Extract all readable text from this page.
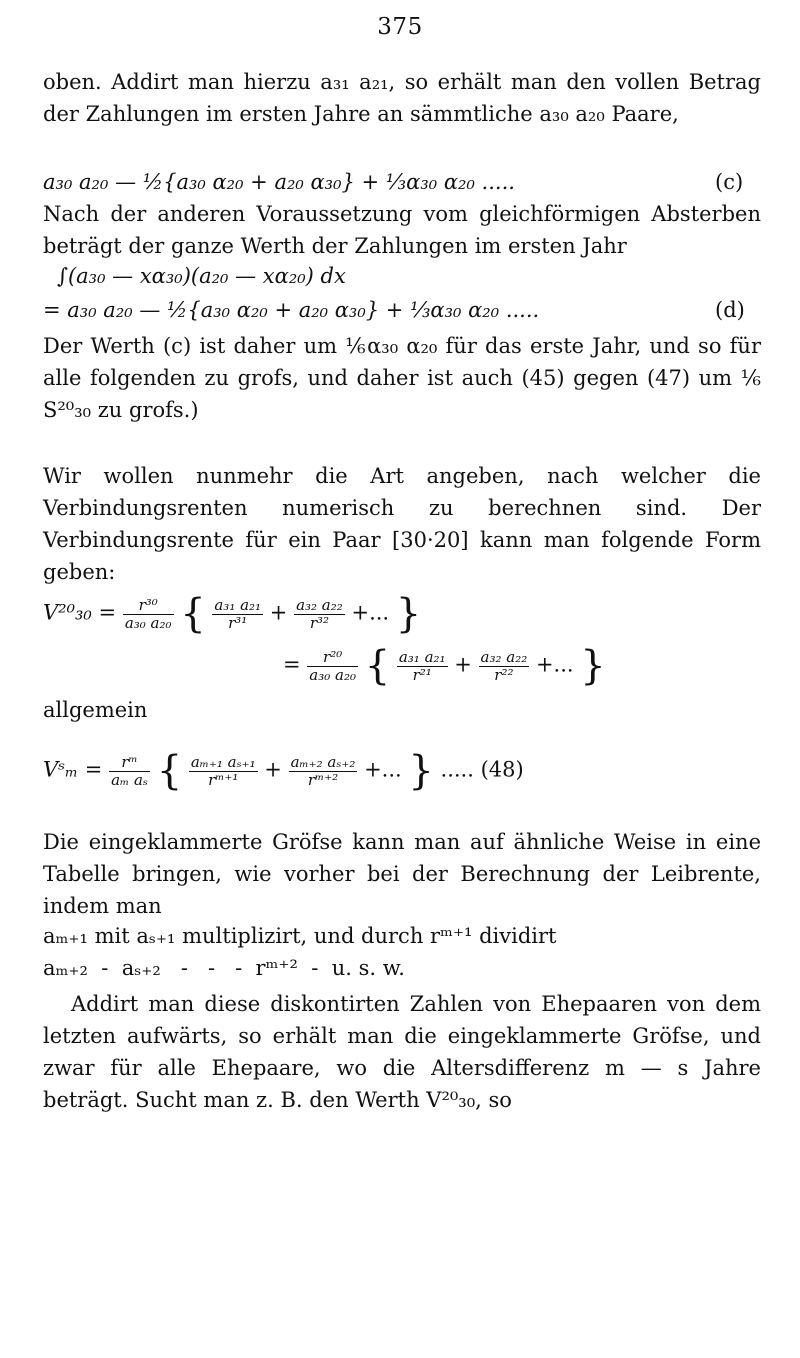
375
oben. Addirt man hierzu a₃₁ a₂₁, so erhält man den vollen Betrag der Zahlungen im ersten Jahre an sämmtliche a₃₀ a₂₀ Paare,
a₃₀ a₂₀ — ½{a₃₀ α₂₀ + a₂₀ α₃₀} + ⅓α₃₀ α₂₀ .....	(c)
Nach der anderen Voraussetzung vom gleichförmigen Absterben beträgt der ganze Werth der Zahlungen im ersten Jahr
∫(a₃₀ — xα₃₀)(a₂₀ — xα₂₀) dx
= a₃₀ a₂₀ — ½{a₃₀ α₂₀ + a₂₀ α₃₀} + ⅓α₃₀ α₂₀ .....	(d)
Der Werth (c) ist daher um ⅙α₃₀ α₂₀ für das erste Jahr, und so für alle folgenden zu grofs, und daher ist auch (45) gegen (47) um ⅙ S²⁰₃₀ zu grofs.)
Wir wollen nunmehr die Art angeben, nach welcher die Verbindungsrenten numerisch zu berechnen sind. Der Verbindungsrente für ein Paar [30·20] kann man folgende Form geben:
$V^{20}_{30} = \frac{\text{r³⁰}}{\text{a₃₀ a₂₀}}$ { $\frac{\text{a₃₁ a₂₁}}{\text{r³¹}} + \frac{\text{a₃₂ a₂₂}}{\text{r³²}}$ +... }
= $\frac{\text{r²⁰}}{\text{a₃₀ a₂₀}}$ { $\frac{\text{a₃₁ a₂₁}}{\text{r²¹}} + \frac{\text{a₃₂ a₂₂}}{\text{r²²}}$ +... }
allgemein
Vˢₘ = $\frac{\text{rᵐ}}{\text{aₘ aₛ}}$ { $\frac{\text{aₘ₊₁ aₛ₊₁}}{\text{rᵐ⁺¹}} + \frac{\text{aₘ₊₂ aₛ₊₂}}{\text{rᵐ⁺²}}$ +... } ..... (48)
Die eingeklammerte Gröfse kann man auf ähnliche Weise in eine Tabelle bringen, wie vorher bei der Berechnung der Leibrente, indem man
aₘ₊₁ mit aₛ₊₁ multiplizirt, und durch rᵐ⁺¹ dividirt
aₘ₊₂  -  aₛ₊₂   -   -   -  rᵐ⁺²  -  u. s. w.
Addirt man diese diskontirten Zahlen von Ehepaaren von dem letzten aufwärts, so erhält man die eingeklammerte Gröfse, und zwar für alle Ehepaare, wo die Altersdifferenz m — s Jahre beträgt. Sucht man z. B. den Werth V²⁰₃₀, so
